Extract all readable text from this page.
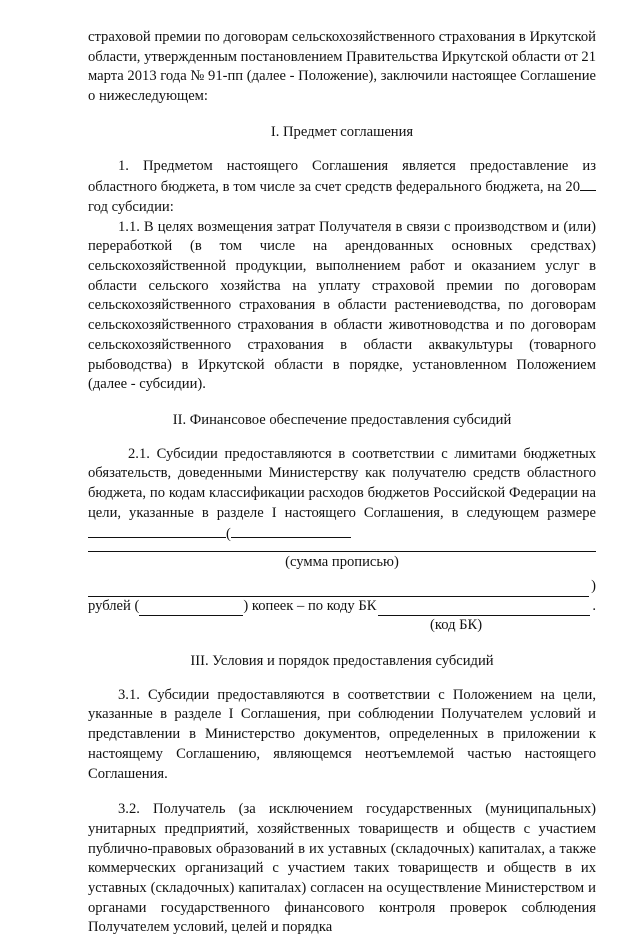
страховой премии по договорам сельскохозяйственного страхования в Иркутской области, утвержденным постановлением Правительства Иркутской области от 21 марта 2013 года № 91-пп (далее - Положение), заключили настоящее Соглашение о нижеследующем:

I. Предмет соглашения

1. Предметом настоящего Соглашения является предоставление из областного бюджета, в том числе за счет средств федерального бюджета, на 20 год субсидии:

1.1. В целях возмещения затрат Получателя в связи с производством и (или) переработкой (в том числе на арендованных основных средствах) сельскохозяйственной продукции, выполнением работ и оказанием услуг в области сельского хозяйства на уплату страховой премии по договорам сельскохозяйственного страхования в области растениеводства, по договорам сельскохозяйственного страхования в области животноводства и по договорам сельскохозяйственного страхования в области аквакультуры (товарного рыбоводства) в Иркутской области в порядке, установленном Положением (далее - субсидии).

II. Финансовое обеспечение предоставления субсидий

2.1. Субсидии предоставляются в соответствии с лимитами бюджетных обязательств, доведенными Министерству как получателю средств областного бюджета, по кодам классификации расходов бюджетов Российской Федерации на цели, указанные в разделе I настоящего Соглашения, в следующем размере(

(сумма прописью)

)
рублей (	) копеек – по коду БК	.

(код БК)

III. Условия и порядок предоставления субсидий

3.1. Субсидии предоставляются в соответствии с Положением на цели, указанные в разделе I Соглашения, при соблюдении Получателем условий и представлении в Министерство документов, определенных в приложении к настоящему Соглашению, являющемся неотъемлемой частью настоящего Соглашения.

3.2. Получатель (за исключением государственных (муниципальных) унитарных предприятий, хозяйственных товариществ и обществ с участием публично-правовых образований в их уставных (складочных) капиталах, а также коммерческих организаций с участием таких товариществ и обществ в их уставных (складочных) капиталах) согласен на осуществление Министерством и органами государственного финансового контроля проверок соблюдения Получателем условий, целей и порядка
